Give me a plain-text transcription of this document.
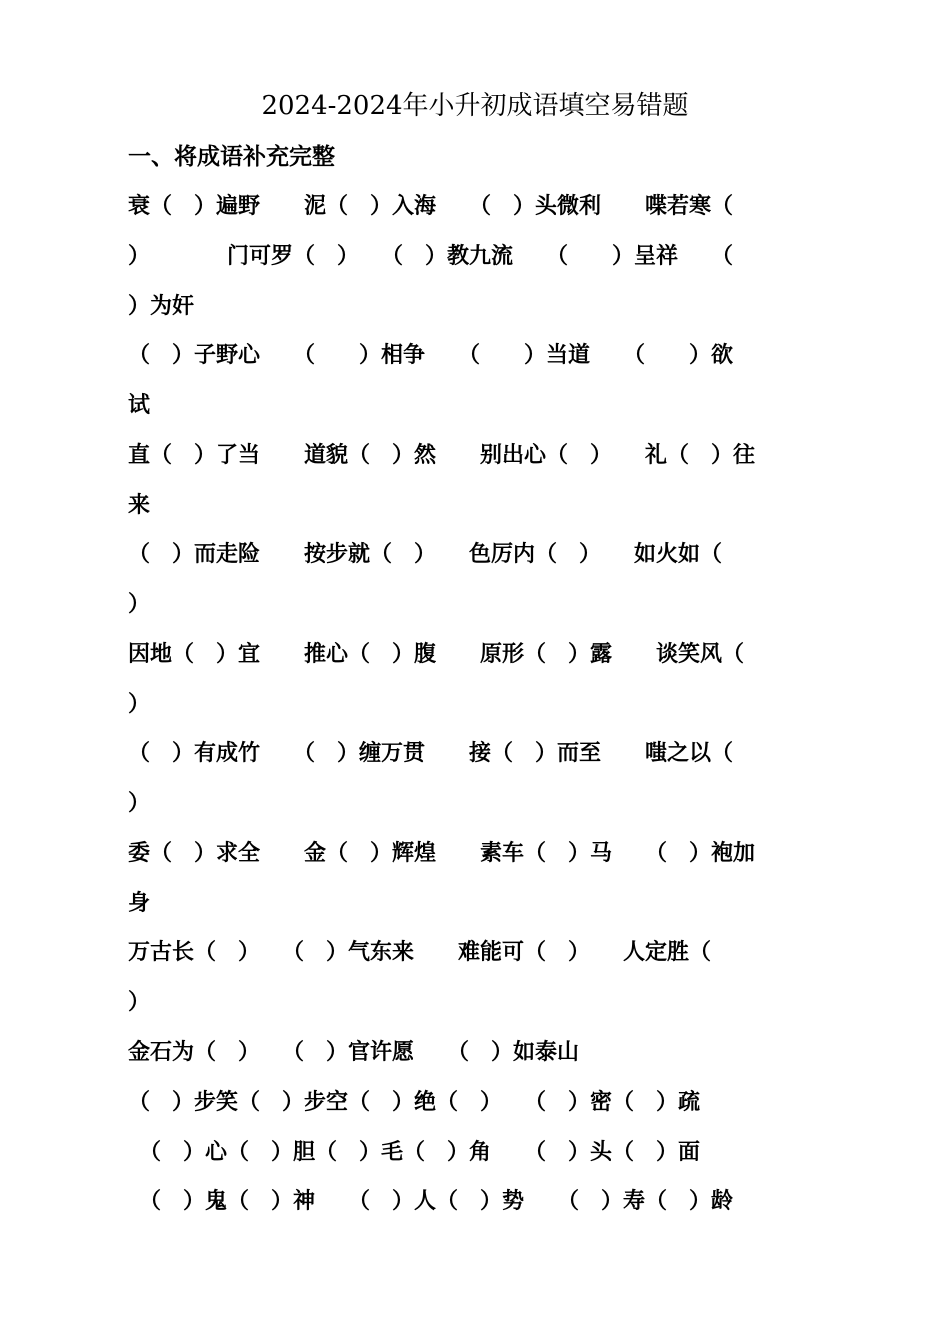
2024-2024年小升初成语填空易错题
一、将成语补充完整
衰（　）遍野　　泥（　）入海　　（　）头微利　　喋若寒（
）　　　　门可罗（　）　　（　）教九流　　（　　）呈祥　　（
）为奸
（　）子野心　　（　　）相争　　（　　）当道　　（　　）欲
试
直（　）了当　　道貌（　）然　　别出心（　）　　礼（　）往
来
（　）而走险　　按步就（　）　　色厉内（　）　　如火如（
）
因地（　）宜　　推心（　）腹　　原形（　）露　　谈笑风（
）
（　）有成竹　　（　）缠万贯　　接（　）而至　　嗤之以（
）
委（　）求全　　金（　）辉煌　　素车（　）马　　（　）袍加
身
万古长（　）　　（　）气东来　　难能可（　）　　人定胜（
）
金石为（　）　　（　）官许愿　　（　）如泰山
（　）步笑（　）步空（　）绝（　）　　（　）密（　）疏
　（　）心（　）胆（　）毛（　）角　　（　）头（　）面
　（　）鬼（　）神　　（　）人（　）势　　（　）寿（　）龄
